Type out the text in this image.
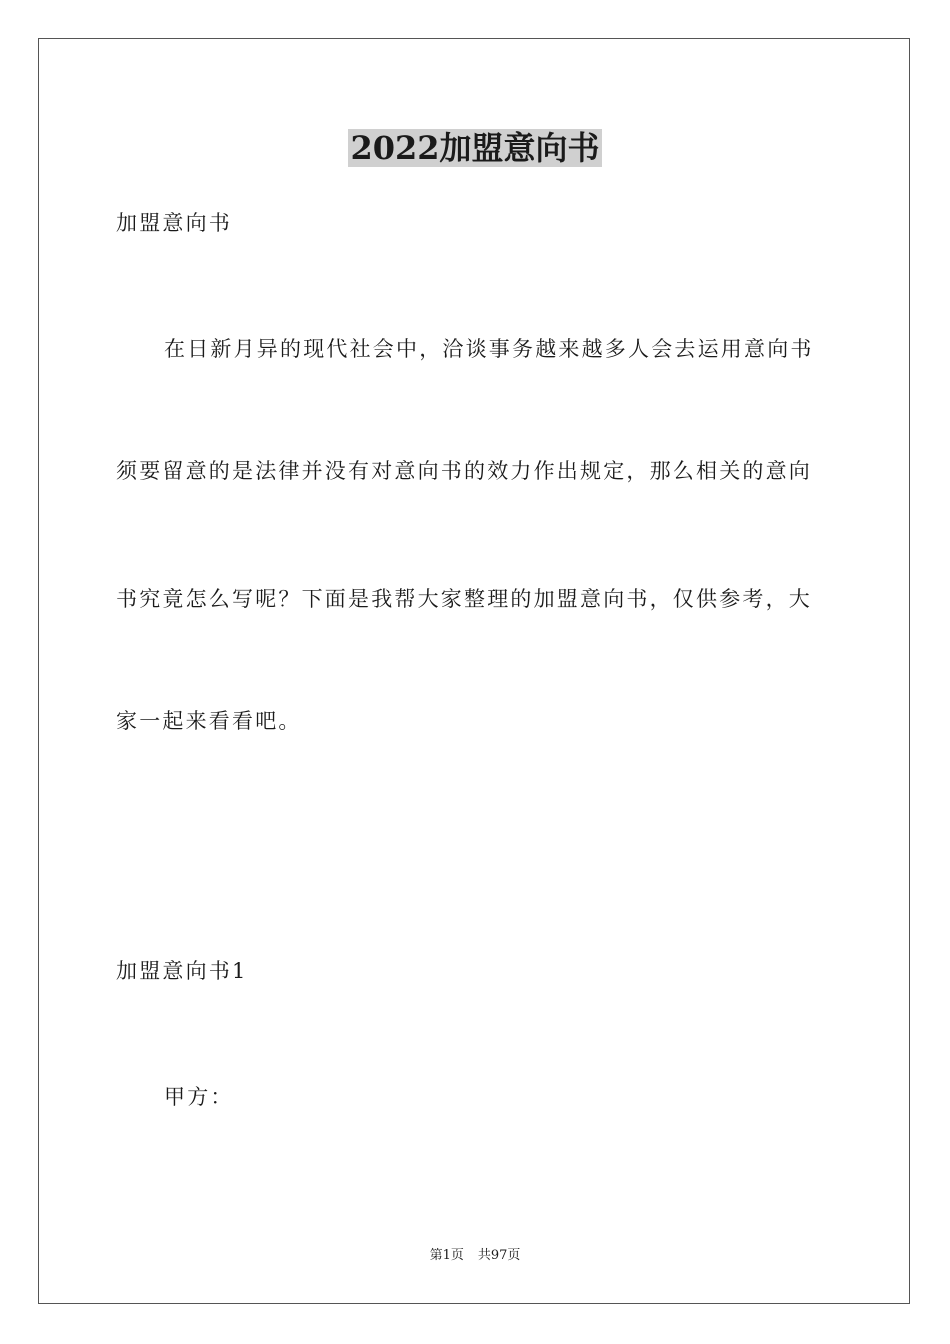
2022加盟意向书
加盟意向书
在日新月异的现代社会中，洽谈事务越来越多人会去运用意向书
须要留意的是法律并没有对意向书的效力作出规定，那么相关的意向
书究竟怎么写呢？下面是我帮大家整理的加盟意向书，仅供参考，大
家一起来看看吧。
加盟意向书1
甲方：
第1页 共97页
